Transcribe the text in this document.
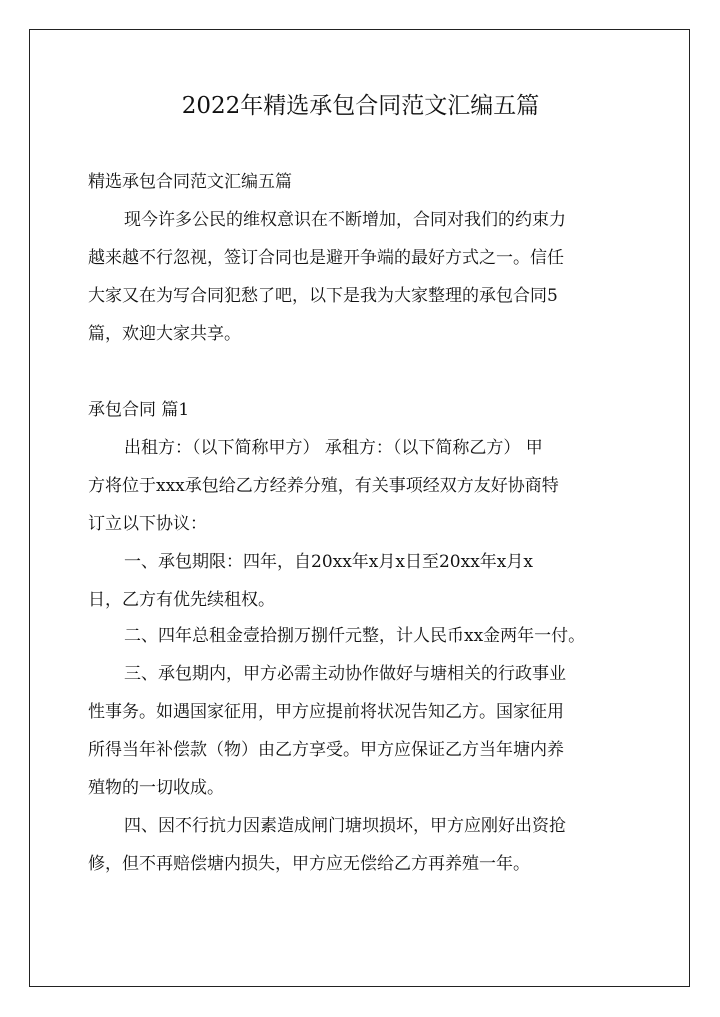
2022年精选承包合同范文汇编五篇

精选承包合同范文汇编五篇

现今许多公民的维权意识在不断增加，合同对我们的约束力

越来越不行忽视，签订合同也是避开争端的最好方式之一。信任

大家又在为写合同犯愁了吧，以下是我为大家整理的承包合同5

篇，欢迎大家共享。

承包合同 篇1

出租方：（以下简称甲方） 承租方：（以下简称乙方） 甲

方将位于xxx承包给乙方经养分殖，有关事项经双方友好协商特

订立以下协议：

一、承包期限：四年，自20xx年x月x日至20xx年x月x

日，乙方有优先续租权。

二、四年总租金壹拾捌万捌仟元整，计人民币xx金两年一付。

三、承包期内，甲方必需主动协作做好与塘相关的行政事业

性事务。如遇国家征用，甲方应提前将状况告知乙方。国家征用

所得当年补偿款（物）由乙方享受。甲方应保证乙方当年塘内养

殖物的一切收成。

四、因不行抗力因素造成闸门塘坝损坏，甲方应刚好出资抢

修，但不再赔偿塘内损失，甲方应无偿给乙方再养殖一年。
